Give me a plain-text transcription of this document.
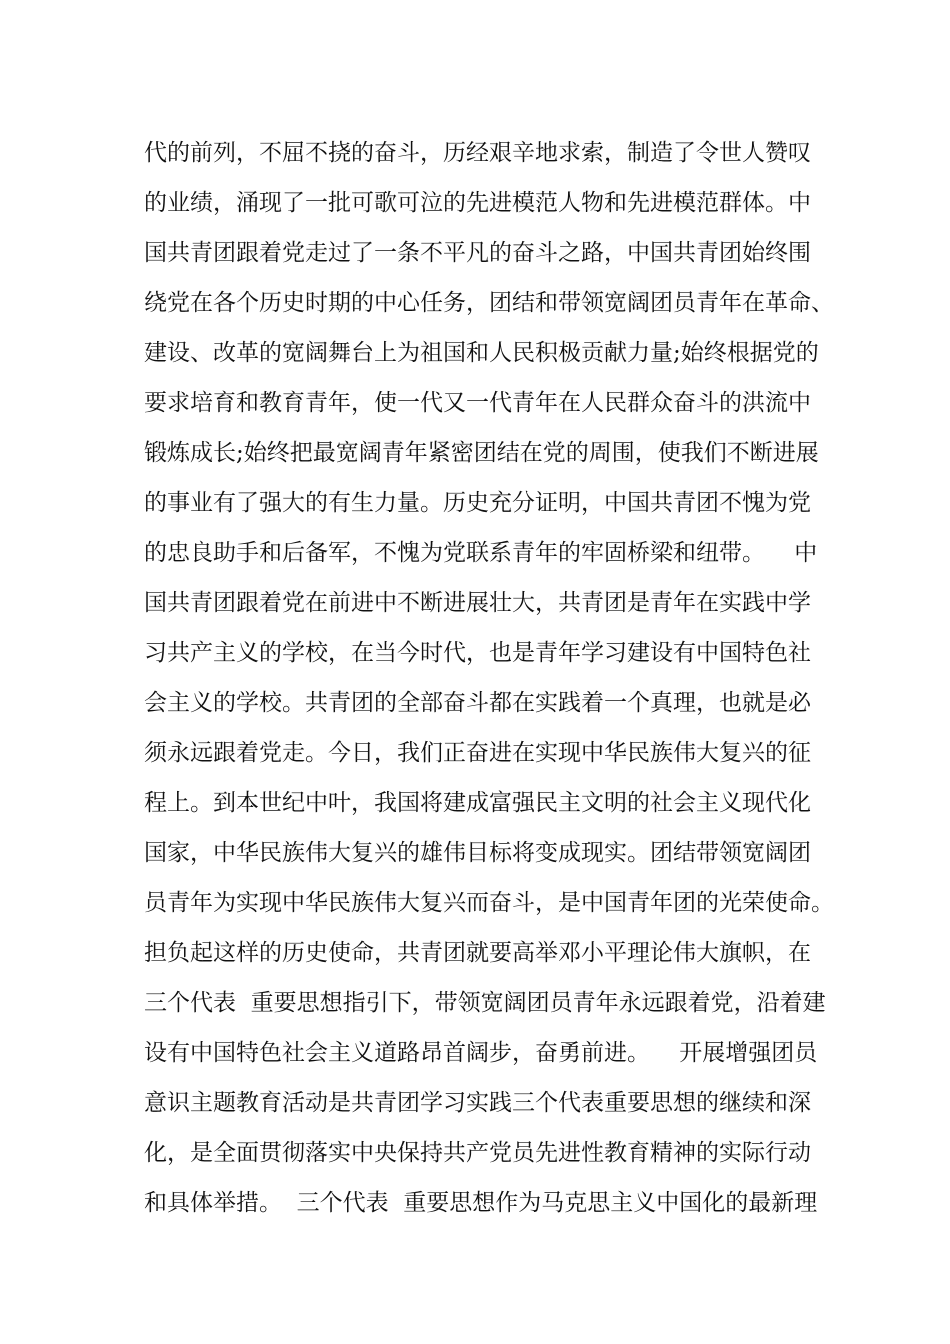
代的前列，不屈不挠的奋斗，历经艰辛地求索，制造了令世人赞叹
的业绩，涌现了一批可歌可泣的先进模范人物和先进模范群体。中
国共青团跟着党走过了一条不平凡的奋斗之路，中国共青团始终围
绕党在各个历史时期的中心任务，团结和带领宽阔团员青年在革命、
建设、改革的宽阔舞台上为祖国和人民积极贡献力量;始终根据党的
要求培育和教育青年，使一代又一代青年在人民群众奋斗的洪流中
锻炼成长;始终把最宽阔青年紧密团结在党的周围，使我们不断进展
的事业有了强大的有生力量。历史充分证明，中国共青团不愧为党
的忠良助手和后备军，不愧为党联系青年的牢固桥梁和纽带。    中
国共青团跟着党在前进中不断进展壮大，共青团是青年在实践中学
习共产主义的学校，在当今时代，也是青年学习建设有中国特色社
会主义的学校。共青团的全部奋斗都在实践着一个真理，也就是必
须永远跟着党走。今日，我们正奋进在实现中华民族伟大复兴的征
程上。到本世纪中叶，我国将建成富强民主文明的社会主义现代化
国家，中华民族伟大复兴的雄伟目标将变成现实。团结带领宽阔团
员青年为实现中华民族伟大复兴而奋斗，是中国青年团的光荣使命。
担负起这样的历史使命，共青团就要高举邓小平理论伟大旗帜，在
三个代表  重要思想指引下，带领宽阔团员青年永远跟着党，沿着建
设有中国特色社会主义道路昂首阔步，奋勇前进。    开展增强团员
意识主题教育活动是共青团学习实践三个代表重要思想的继续和深
化，是全面贯彻落实中央保持共产党员先进性教育精神的实际行动
和具体举措。  三个代表  重要思想作为马克思主义中国化的最新理
